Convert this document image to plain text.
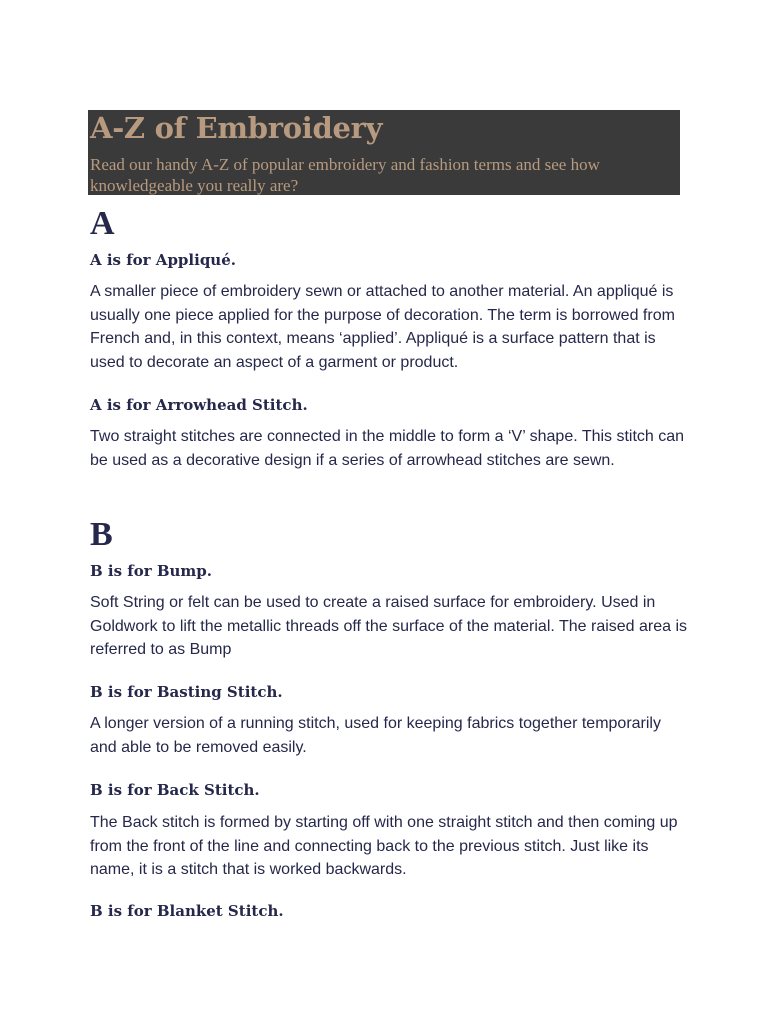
A-Z of Embroidery

Read our handy A-Z of popular embroidery and fashion terms and see how knowledgeable you really are?

A
A is for Appliqué.

A smaller piece of embroidery sewn or attached to another material. An appliqué is usually one piece applied for the purpose of decoration. The term is borrowed from French and, in this context, means ‘applied’. Appliqué is a surface pattern that is used to decorate an aspect of a garment or product.

A is for Arrowhead Stitch.

Two straight stitches are connected in the middle to form a ‘V’ shape. This stitch can be used as a decorative design if a series of arrowhead stitches are sewn.

B
B is for Bump.

Soft String or felt can be used to create a raised surface for embroidery. Used in Goldwork to lift the metallic threads off the surface of the material. The raised area is referred to as Bump

B is for Basting Stitch.

A longer version of a running stitch, used for keeping fabrics together temporarily and able to be removed easily.

B is for Back Stitch.

The Back stitch is formed by starting off with one straight stitch and then coming up from the front of the line and connecting back to the previous stitch. Just like its name, it is a stitch that is worked backwards.

B is for Blanket Stitch.
